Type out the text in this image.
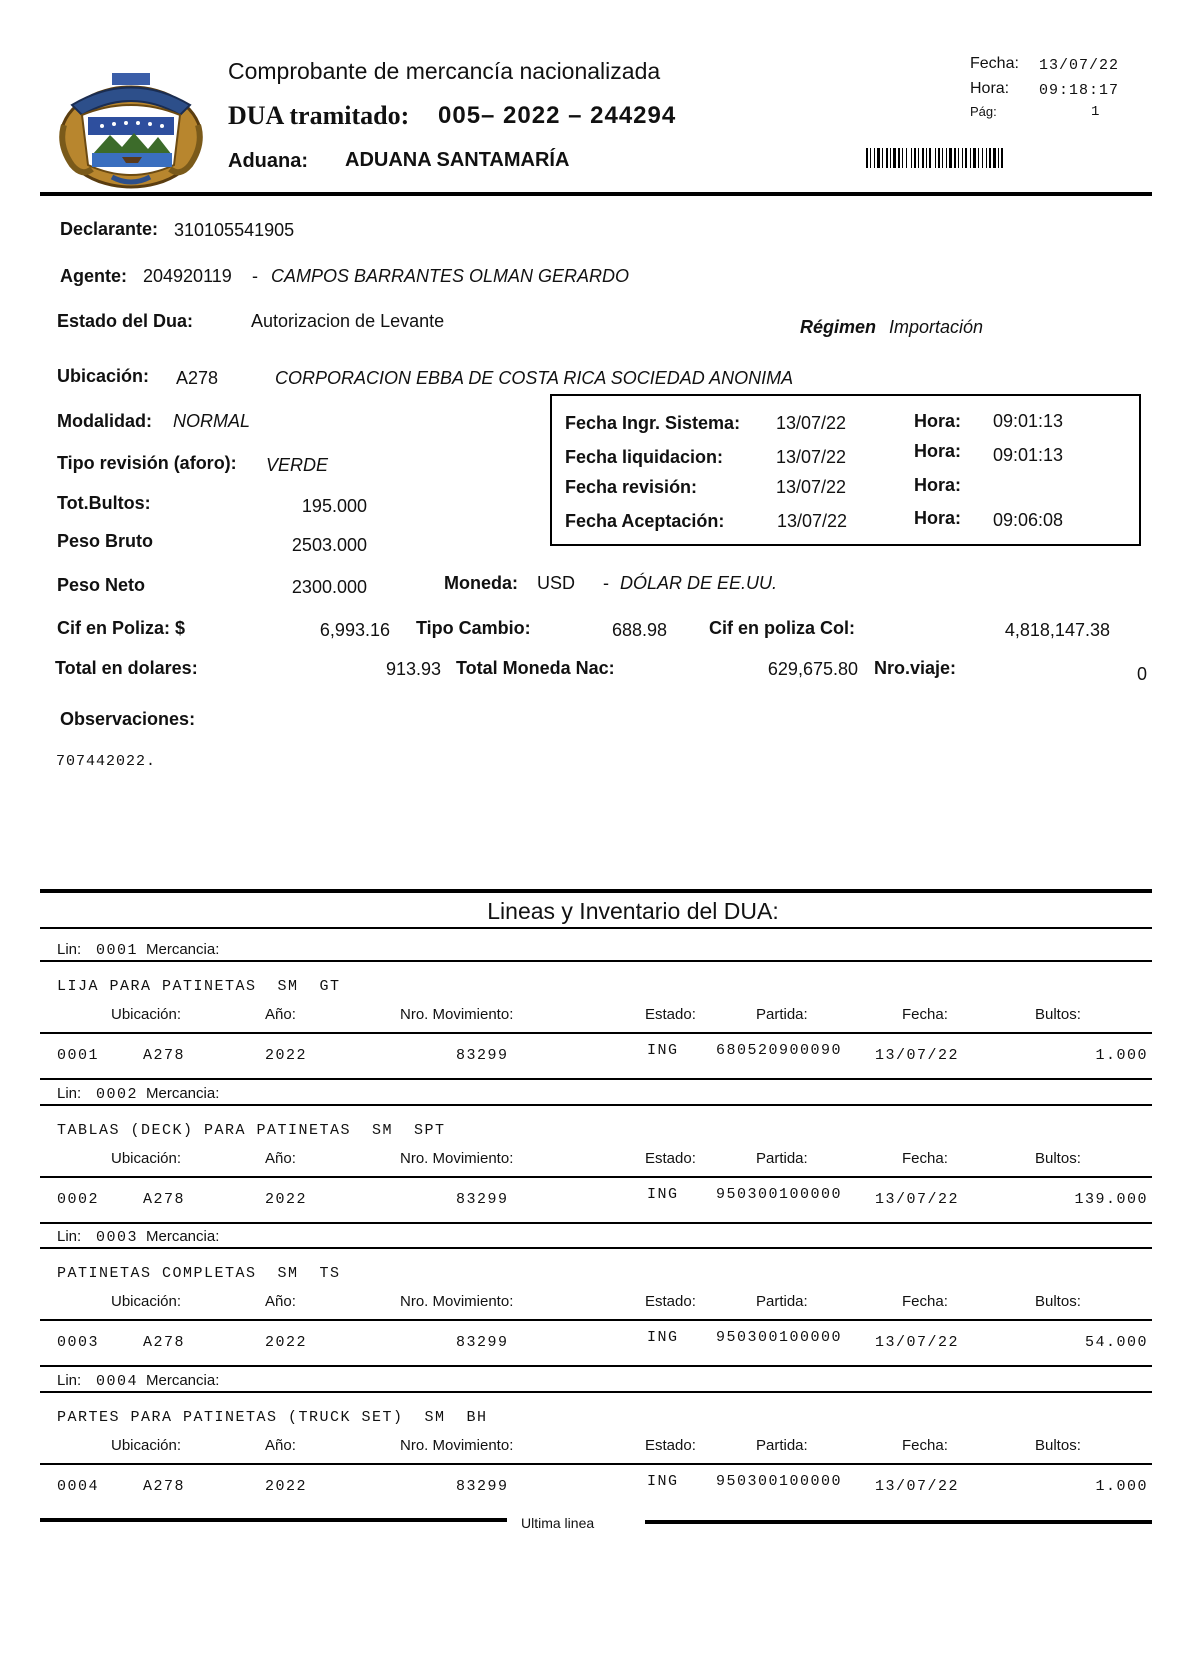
Comprobante de mercancía nacionalizada
DUA tramitado: 005– 2022 – 244294
Aduana: ADUANA SANTAMARÍA
Fecha: 13/07/22
Hora: 09:18:17
Pág:	1
Declarante: 310105541905
Agente: 204920119 - CAMPOS BARRANTES OLMAN GERARDO
Estado del Dua:	Autorizacion de Levante	Régimen Importación
Ubicación: A278	CORPORACION EBBA DE COSTA RICA SOCIEDAD ANONIMA
Modalidad: NORMAL
Tipo revisión (aforo): VERDE
Tot.Bultos:	195.000
Peso Bruto	2503.000
Peso Neto	2300.000	Moneda: USD - DÓLAR DE EE.UU.
Fecha Ingr. Sistema: 13/07/22	Hora: 09:01:13
Fecha liquidacion:	13/07/22	Hora: 09:01:13
Fecha revisión:	13/07/22	Hora:
Fecha Aceptación:	13/07/22	Hora: 09:06:08
Cif en Poliza: $	6,993.16 Tipo Cambio:	688.98 Cif en poliza Col:	4,818,147.38
Total en dolares:	913.93 Total Moneda Nac:	629,675.80 Nro.viaje:	0
Observaciones:
707442022.
Lineas y Inventario del DUA:
Lin: 0001 Mercancia:
LIJA PARA PATINETAS  SM  GT
Ubicación:	Año:	Nro. Movimiento:	Estado:	Partida:	Fecha:	Bultos:
0001	A278	2022	83299	ING 680520900090 13/07/22	1.000
Lin: 0002 Mercancia:
TABLAS (DECK) PARA PATINETAS  SM  SPT
Ubicación:	Año:	Nro. Movimiento:	Estado:	Partida:	Fecha:	Bultos:
0002	A278	2022	83299	ING 950300100000 13/07/22	139.000
Lin: 0003 Mercancia:
PATINETAS COMPLETAS  SM  TS
Ubicación:	Año:	Nro. Movimiento:	Estado:	Partida:	Fecha:	Bultos:
0003	A278	2022	83299	ING 950300100000 13/07/22	54.000
Lin: 0004 Mercancia:
PARTES PARA PATINETAS (TRUCK SET)  SM  BH
Ubicación:	Año:	Nro. Movimiento:	Estado:	Partida:	Fecha:	Bultos:
0004	A278	2022	83299	ING 950300100000 13/07/22	1.000
Ultima linea
